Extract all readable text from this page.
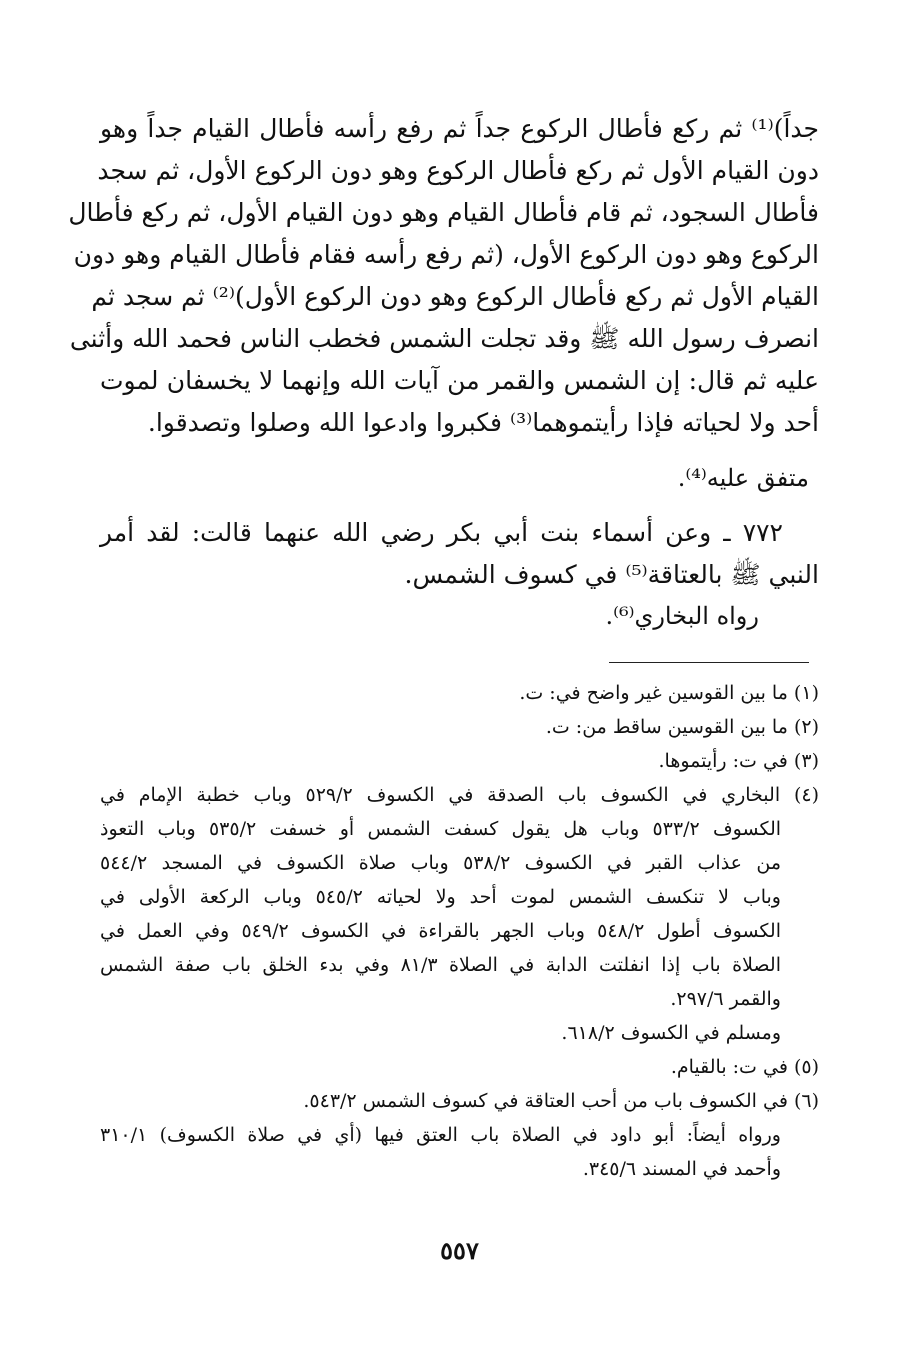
جداً)⁽¹⁾ ثم ركع فأطال الركوع جداً ثم رفع رأسه فأطال القيام جداً وهو
دون القيام الأول ثم ركع فأطال الركوع وهو دون الركوع الأول، ثم سجد
فأطال السجود، ثم قام فأطال القيام وهو دون القيام الأول، ثم ركع فأطال
الركوع وهو دون الركوع الأول، (ثم رفع رأسه فقام فأطال القيام وهو دون
القيام الأول ثم ركع فأطال الركوع وهو دون الركوع الأول)⁽²⁾ ثم سجد ثم
انصرف رسول الله ﷺ وقد تجلت الشمس فخطب الناس فحمد الله وأثنى
عليه ثم قال: إن الشمس والقمر من آيات الله وإنهما لا يخسفان لموت
أحد ولا لحياته فإذا رأيتموهما⁽³⁾ فكبروا وادعوا الله وصلوا وتصدقوا.
متفق عليه⁽⁴⁾.
٧٧٢ ـ وعن أسماء بنت أبي بكر رضي الله عنهما قالت: لقد أمر
النبي ﷺ بالعتاقة⁽⁵⁾ في كسوف الشمس.
رواه البخاري⁽⁶⁾.
(١) ما بين القوسين غير واضح في: ت.
(٢) ما بين القوسين ساقط من: ت.
(٣) في ت: رأيتموها.
(٤) البخاري في الكسوف باب الصدقة في الكسوف ٥٢٩/٢ وباب خطبة الإمام في
الكسوف ٥٣٣/٢ وباب هل يقول كسفت الشمس أو خسفت ٥٣٥/٢ وباب التعوذ
من عذاب القبر في الكسوف ٥٣٨/٢ وباب صلاة الكسوف في المسجد ٥٤٤/٢
وباب لا تنكسف الشمس لموت أحد ولا لحياته ٥٤٥/٢ وباب الركعة الأولى في
الكسوف أطول ٥٤٨/٢ وباب الجهر بالقراءة في الكسوف ٥٤٩/٢ وفي العمل في
الصلاة باب إذا انفلتت الدابة في الصلاة ٨١/٣ وفي بدء الخلق باب صفة الشمس
والقمر ٢٩٧/٦.
ومسلم في الكسوف ٦١٨/٢.
(٥) في ت: بالقيام.
(٦) في الكسوف باب من أحب العتاقة في كسوف الشمس ٥٤٣/٢.
ورواه أيضاً: أبو داود في الصلاة باب العتق فيها (أي في صلاة الكسوف) ٣١٠/١
وأحمد في المسند ٣٤٥/٦.
٥٥٧
